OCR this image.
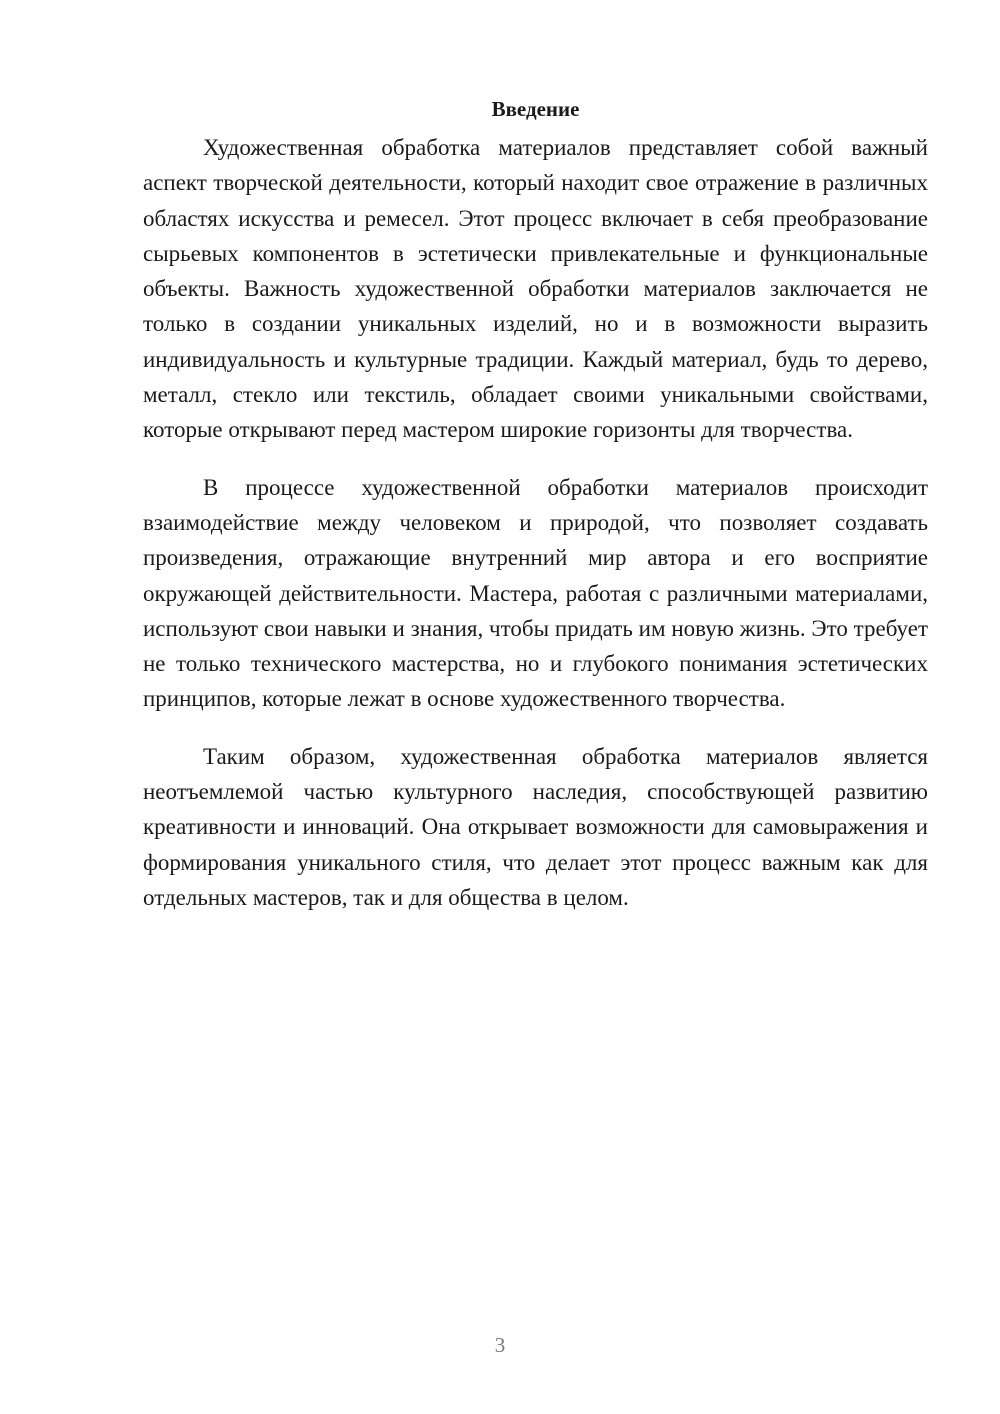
Введение

Художественная обработка материалов представляет собой важный аспект творческой деятельности, который находит свое отражение в различных областях искусства и ремесел. Этот процесс включает в себя преобразование сырьевых компонентов в эстетически привлекательные и функциональные объекты. Важность художественной обработки материалов заключается не только в создании уникальных изделий, но и в возможности выразить индивидуальность и культурные традиции. Каждый материал, будь то дерево, металл, стекло или текстиль, обладает своими уникальными свойствами, которые открывают перед мастером широкие горизонты для творчества.

В процессе художественной обработки материалов происходит взаимодействие между человеком и природой, что позволяет создавать произведения, отражающие внутренний мир автора и его восприятие окружающей действительности. Мастера, работая с различными материалами, используют свои навыки и знания, чтобы придать им новую жизнь. Это требует не только технического мастерства, но и глубокого понимания эстетических принципов, которые лежат в основе художественного творчества.

Таким образом, художественная обработка материалов является неотъемлемой частью культурного наследия, способствующей развитию креативности и инноваций. Она открывает возможности для самовыражения и формирования уникального стиля, что делает этот процесс важным как для отдельных мастеров, так и для общества в целом.

3
